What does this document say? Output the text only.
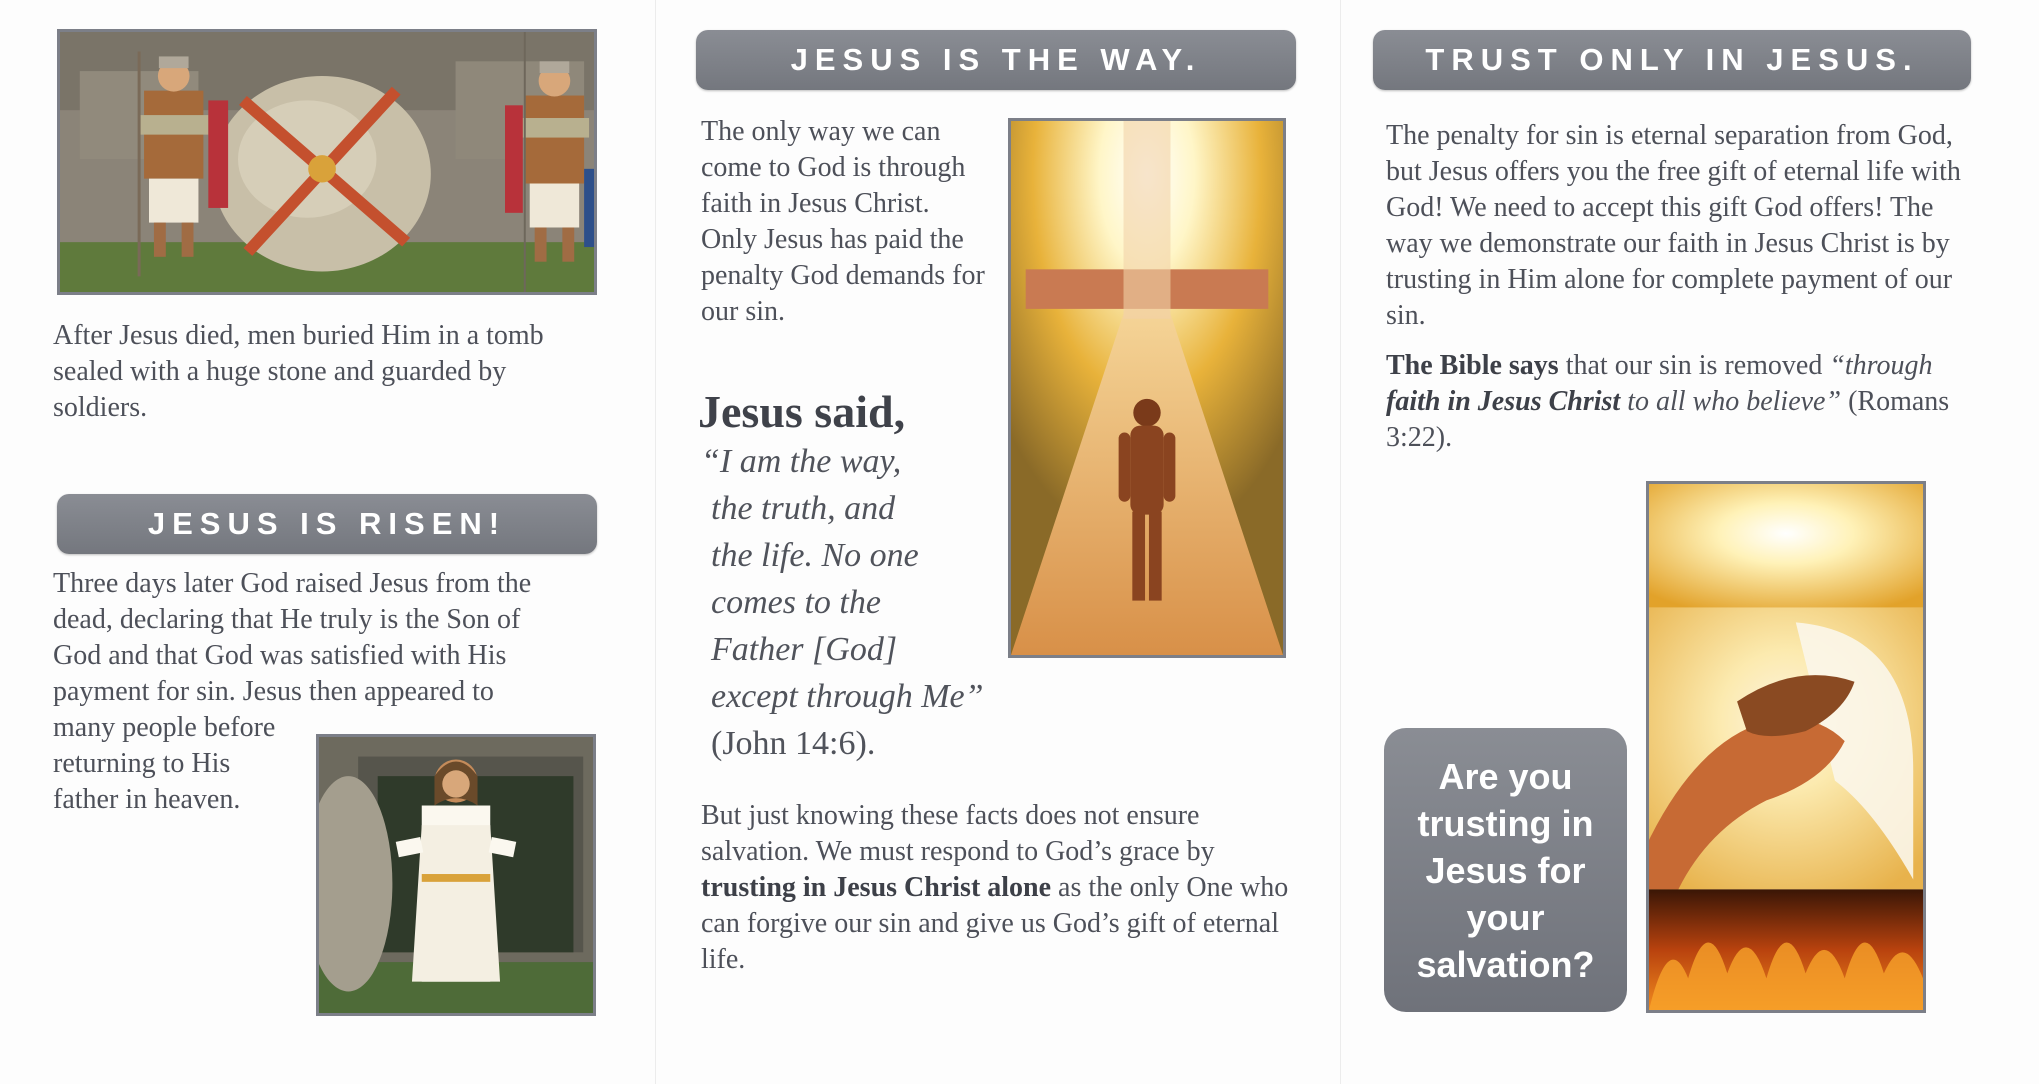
After Jesus died, men buried Him in a tomb sealed with a huge stone and guarded by soldiers.
JESUS IS RISEN!
Three days later God raised Jesus from the dead, declaring that He truly is the Son of God and that God was satisfied with His payment for sin. Jesus then appeared to
many people before returning to His father in heaven.
JESUS IS THE WAY.
The only way we can come to God is through faith in Jesus Christ. Only Jesus has paid the penalty God demands for our sin.
Jesus said,
“I am the way,
the truth, and
the life. No one
comes to the
Father [God]
except through Me”
(John 14:6).
But just knowing these facts does not ensure salvation. We must respond to God’s grace by trusting in Jesus Christ alone as the only One who can forgive our sin and give us God’s gift of eternal life.
TRUST ONLY IN JESUS.
The penalty for sin is eternal separation from God, but Jesus offers you the free gift of eternal life with God! We need to accept this gift God offers! The way we demonstrate our faith in Jesus Christ is by trusting in Him alone for complete payment of our sin.
The Bible says that our sin is removed “through faith in Jesus Christ to all who believe” (Romans 3:22).
Are you trusting in Jesus for your salvation?
